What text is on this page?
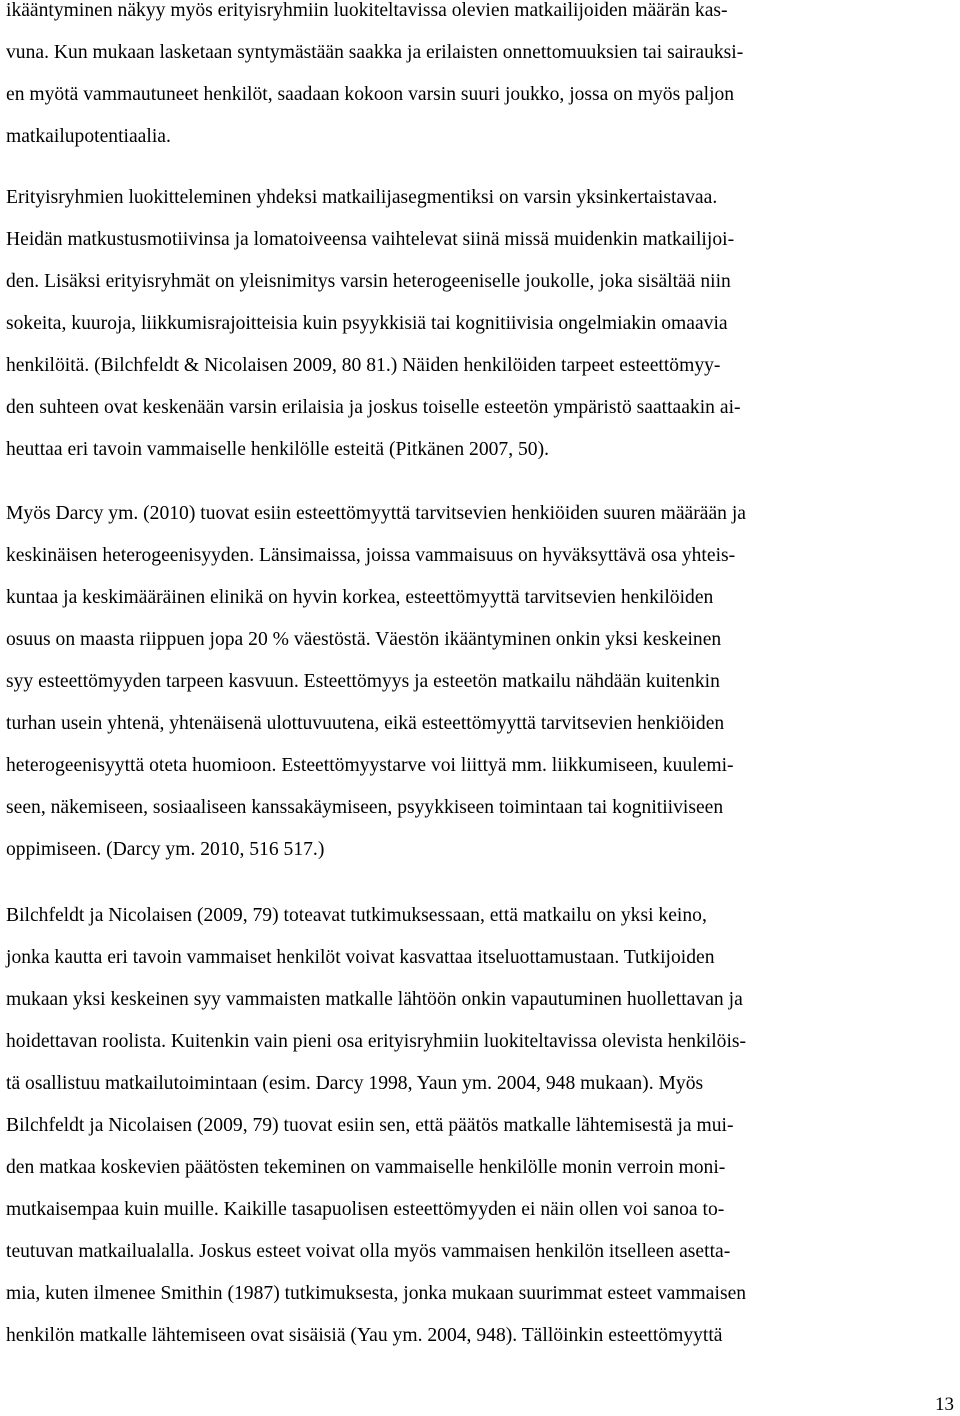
ikääntyminen näkyy myös erityisryhmiin luokiteltavissa olevien matkailijoiden määrän kas-
vuna. Kun mukaan lasketaan syntymästään saakka ja erilaisten onnettomuuksien tai sairauksi-
en myötä vammautuneet henkilöt, saadaan kokoon varsin suuri joukko, jossa on myös paljon
matkailupotentiaalia.
Erityisryhmien luokitteleminen yhdeksi matkailijasegmentiksi on varsin yksinkertaistavaa.
Heidän matkustusmotiivinsa ja lomatoiveensa vaihtelevat siinä missä muidenkin matkailijoi-
den. Lisäksi erityisryhmät on yleisnimitys varsin heterogeeniselle joukolle, joka sisältää niin
sokeita, kuuroja, liikkumisrajoitteisia kuin psyykkisiä tai kognitiivisia ongelmiakin omaavia
henkilöitä. (Bilchfeldt & Nicolaisen 2009, 80 81.) Näiden henkilöiden tarpeet esteettömyy-
den suhteen ovat keskenään varsin erilaisia ja joskus toiselle esteetön ympäristö saattaakin ai-
heuttaa eri tavoin vammaiselle henkilölle esteitä (Pitkänen 2007, 50).
Myös Darcy ym. (2010) tuovat esiin esteettömyyttä tarvitsevien henkiöiden suuren määrään ja
keskinäisen heterogeenisyyden. Länsimaissa, joissa vammaisuus on hyväksyttävä osa yhteis-
kuntaa ja keskimääräinen elinikä on hyvin korkea, esteettömyyttä tarvitsevien henkilöiden
osuus on maasta riippuen jopa 20 % väestöstä. Väestön ikääntyminen onkin yksi keskeinen
syy esteettömyyden tarpeen kasvuun. Esteettömyys ja esteetön matkailu nähdään kuitenkin
turhan usein yhtenä, yhtenäisenä ulottuvuutena, eikä esteettömyyttä tarvitsevien henkiöiden
heterogeenisyyttä oteta huomioon. Esteettömyystarve voi liittyä mm. liikkumiseen, kuulemi-
seen, näkemiseen, sosiaaliseen kanssakäymiseen, psyykkiseen toimintaan tai kognitiiviseen
oppimiseen. (Darcy ym. 2010, 516 517.)
Bilchfeldt ja Nicolaisen (2009, 79) toteavat tutkimuksessaan, että matkailu on yksi keino,
jonka kautta eri tavoin vammaiset henkilöt voivat kasvattaa itseluottamustaan. Tutkijoiden
mukaan yksi keskeinen syy vammaisten matkalle lähtöön onkin vapautuminen huollettavan ja
hoidettavan roolista. Kuitenkin vain pieni osa erityisryhmiin luokiteltavissa olevista henkilöis-
tä osallistuu matkailutoimintaan (esim. Darcy 1998, Yaun ym. 2004, 948 mukaan). Myös
Bilchfeldt ja Nicolaisen (2009, 79) tuovat esiin sen, että päätös matkalle lähtemisestä ja mui-
den matkaa koskevien päätösten tekeminen on vammaiselle henkilölle monin verroin moni-
mutkaisempaa kuin muille. Kaikille tasapuolisen esteettömyyden ei näin ollen voi sanoa to-
teutuvan matkailualalla. Joskus esteet voivat olla myös vammaisen henkilön itselleen asetta-
mia, kuten ilmenee Smithin (1987) tutkimuksesta, jonka mukaan suurimmat esteet vammaisen
henkilön matkalle lähtemiseen ovat sisäisiä (Yau ym. 2004, 948). Tällöinkin esteettömyyttä
13
